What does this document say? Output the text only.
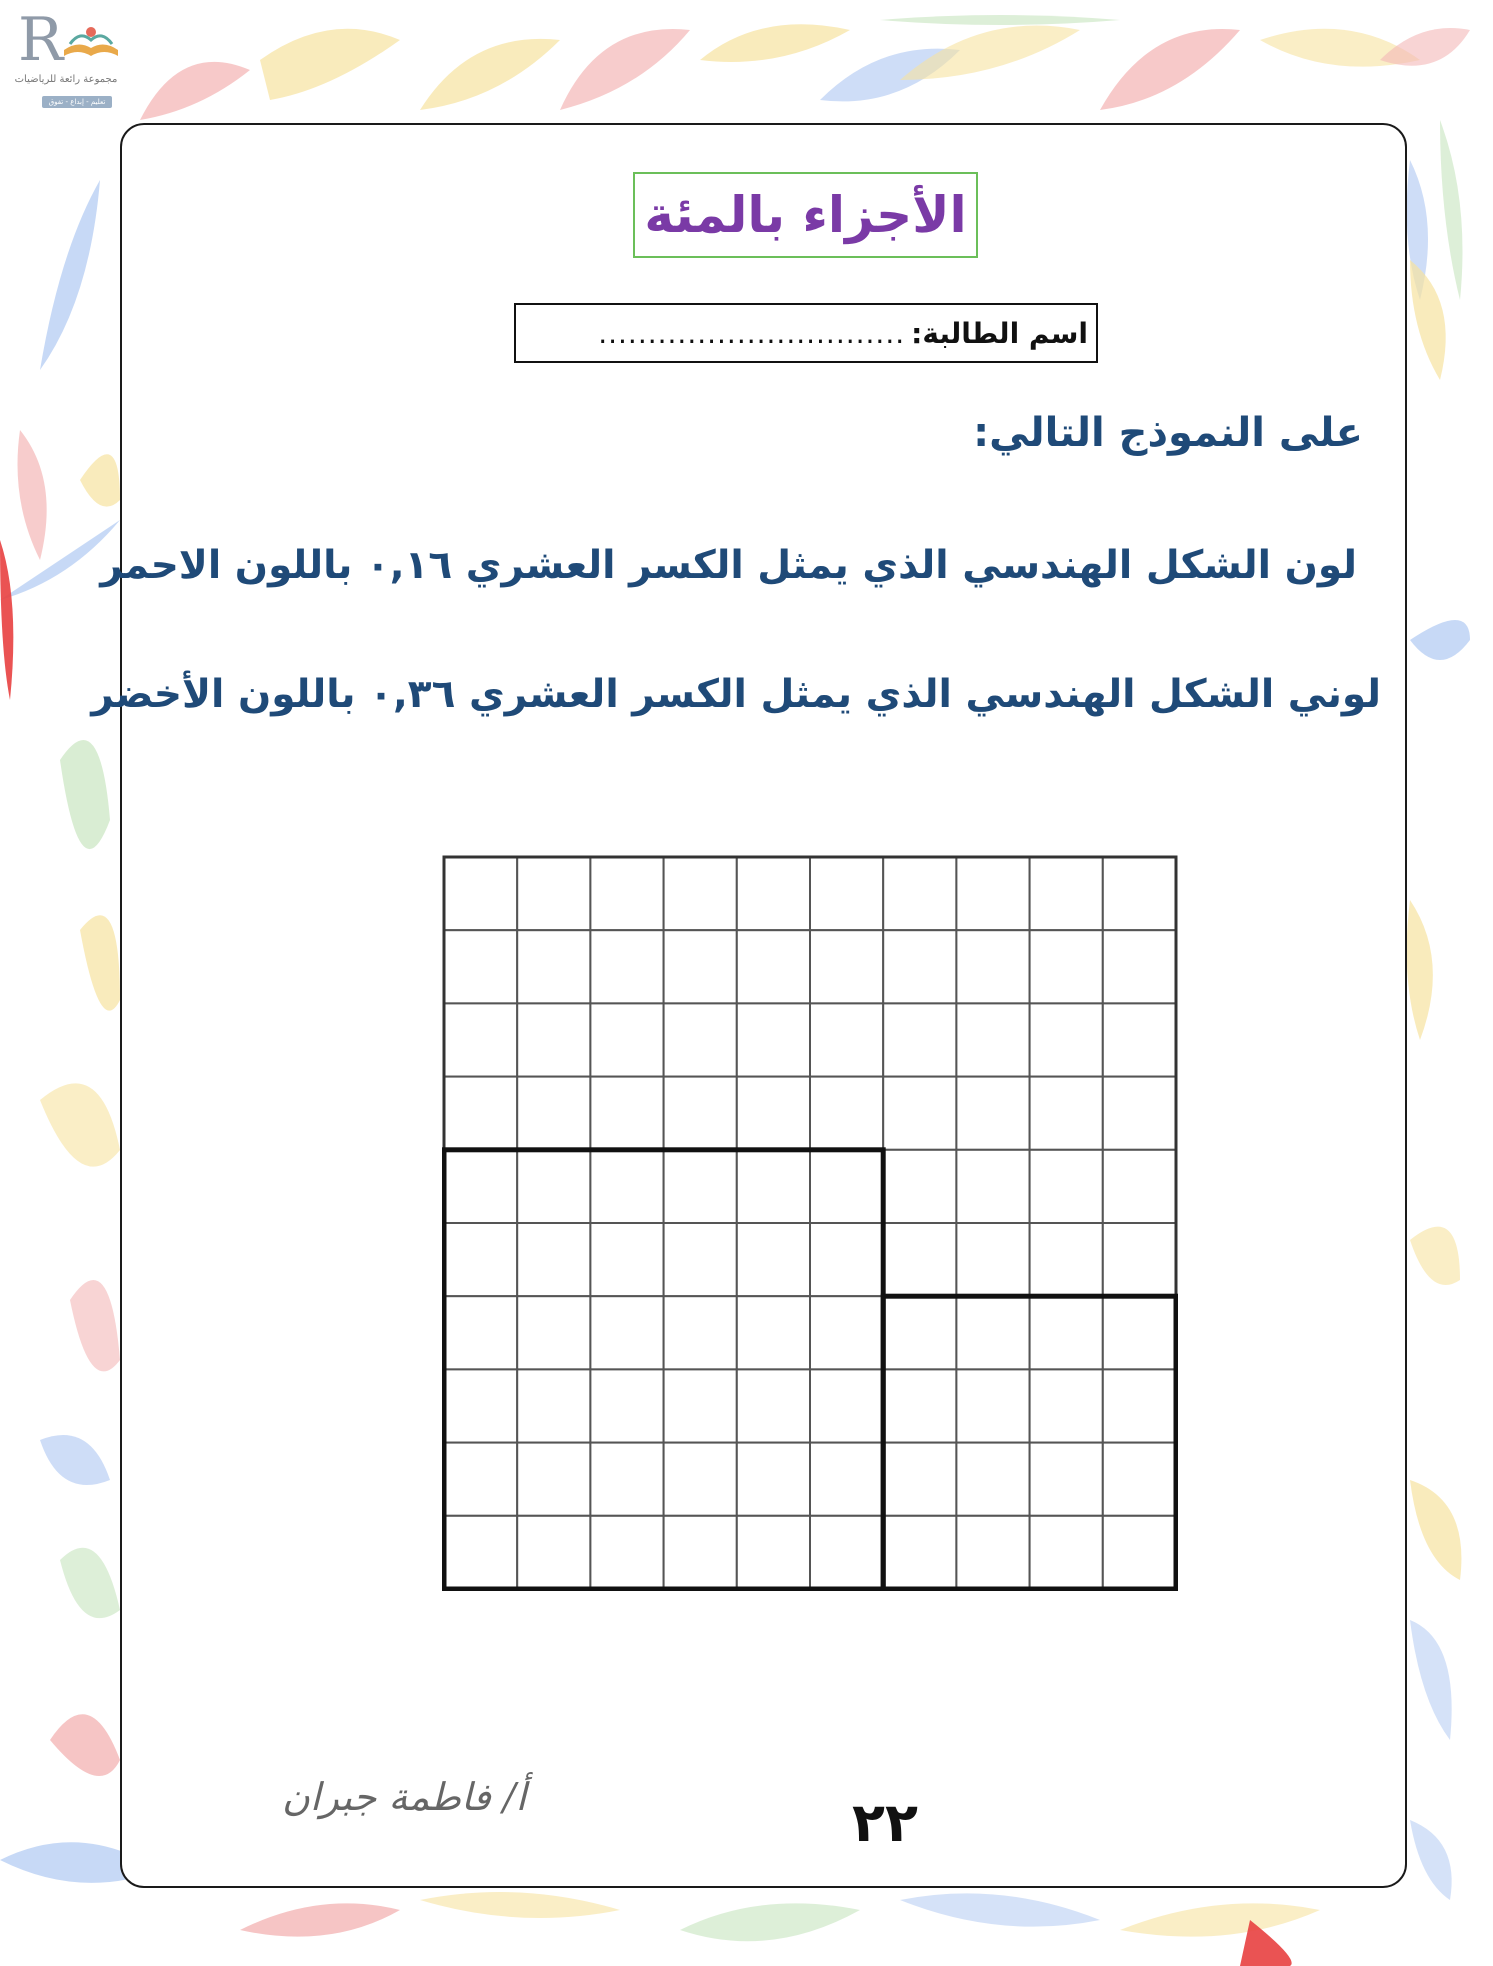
R
مجموعة رائعة للرياضيات
تعليم - إبداع - تفوق
الأجزاء بالمئة
اسم الطالبة:
...............................
على النموذج التالي:
لون الشكل الهندسي الذي يمثل الكسر العشري ٠,١٦ باللون الاحمر
لوني الشكل الهندسي الذي يمثل الكسر العشري ٠,٣٦ باللون الأخضر
أ/ فاطمة جبران	٢٢
